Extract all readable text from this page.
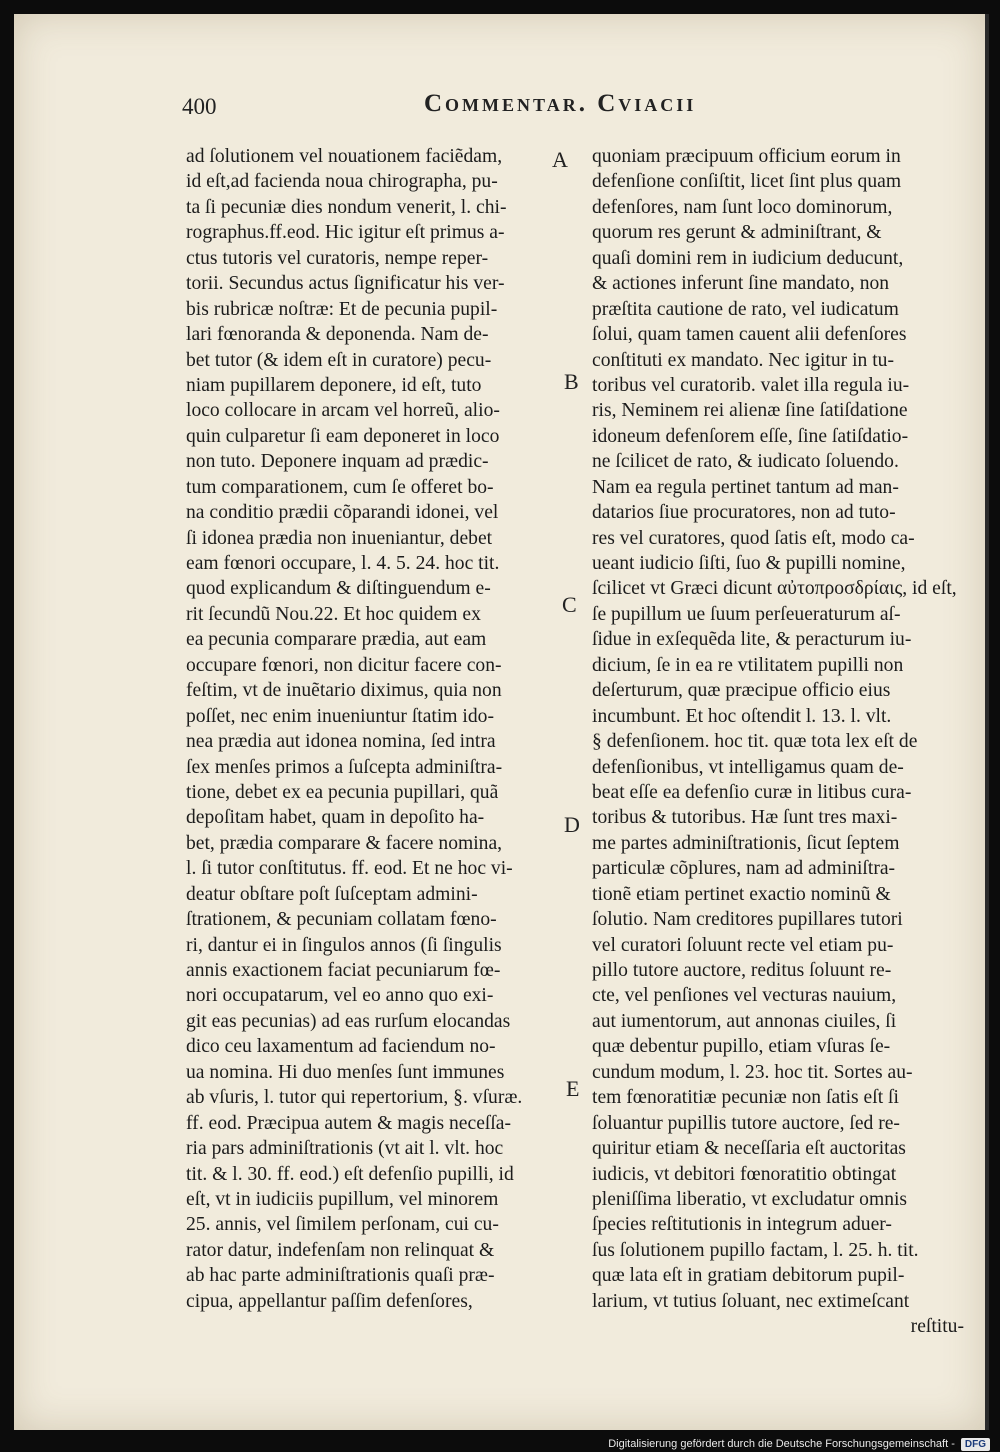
400	Commentar. Cviacii
ad ſolutionem vel nouationem faciẽdam,
id eſt,ad facienda noua chirographa, pu-
ta ſi pecuniæ dies nondum venerit, l. chi-
rographus.ff.eod. Hic igitur eſt primus a-
ctus tutoris vel curatoris, nempe reper-
torii. Secundus actus ſignificatur his ver-
bis rubricæ noſtræ: Et de pecunia pupil-
lari fœnoranda & deponenda. Nam de-
bet tutor (& idem eſt in curatore) pecu-
niam pupillarem deponere, id eſt, tuto
loco collocare in arcam vel horreũ, alio-
quin culparetur ſi eam deponeret in loco
non tuto. Deponere inquam ad prædic-
tum comparationem, cum ſe offeret bo-
na conditio prædii cõparandi idonei, vel
ſi idonea prædia non inueniantur, debet
eam fœnori occupare, l. 4. 5. 24. hoc tit.
quod explicandum & diſtinguendum e-
rit ſecundũ Nou.22. Et hoc quidem ex
ea pecunia comparare prædia, aut eam
occupare fœnori, non dicitur facere con-
feſtim, vt de inuẽtario diximus, quia non
poſſet, nec enim inueniuntur ſtatim ido-
nea prædia aut idonea nomina, ſed intra
ſex menſes primos a ſuſcepta adminiſtra-
tione, debet ex ea pecunia pupillari, quã
depoſitam habet, quam in depoſito ha-
bet, prædia comparare & facere nomina,
l. ſi tutor conſtitutus. ff. eod. Et ne hoc vi-
deatur obſtare poſt ſuſceptam admini-
ſtrationem, & pecuniam collatam fœno-
ri, dantur ei in ſingulos annos (ſi ſingulis
annis exactionem faciat pecuniarum fœ-
nori occupatarum, vel eo anno quo exi-
git eas pecunias) ad eas rurſum elocandas
dico ceu laxamentum ad faciendum no-
ua nomina. Hi duo menſes ſunt immunes
ab vſuris, l. tutor qui repertorium, §. vſuræ.
ff. eod. Præcipua autem & magis neceſſa-
ria pars adminiſtrationis (vt ait l. vlt. hoc
tit. & l. 30. ff. eod.) eſt defenſio pupilli, id
eſt, vt in iudiciis pupillum, vel minorem
25. annis, vel ſimilem perſonam, cui cu-
rator datur, indefenſam non relinquat &
ab hac parte adminiſtrationis quaſi præ-
cipua, appellantur paſſim defenſores,
quoniam præcipuum officium eorum in
defenſione conſiſtit, licet ſint plus quam
defenſores, nam ſunt loco dominorum,
quorum res gerunt & adminiſtrant, &
quaſi domini rem in iudicium deducunt,
& actiones inferunt ſine mandato, non
præſtita cautione de rato, vel iudicatum
ſolui, quam tamen cauent alii defenſores
conſtituti ex mandato. Nec igitur in tu-
toribus vel curatorib. valet illa regula iu-
ris, Neminem rei alienæ ſine ſatiſdatione
idoneum defenſorem eſſe, ſine ſatiſdatio-
ne ſcilicet de rato, & iudicato ſoluendo.
Nam ea regula pertinet tantum ad man-
datarios ſiue procuratores, non ad tuto-
res vel curatores, quod ſatis eſt, modo ca-
ueant iudicio ſiſti, ſuo & pupilli nomine,
ſcilicet vt Græci dicunt αὐτοπροσδρίαις, id eſt,
ſe pupillum ue ſuum perſeueraturum aſ-
ſidue in exſequẽda lite, & peracturum iu-
dicium, ſe in ea re vtilitatem pupilli non
deſerturum, quæ præcipue officio eius
incumbunt. Et hoc oſtendit l. 13. l. vlt.
§ defenſionem. hoc tit. quæ tota lex eſt de
defenſionibus, vt intelligamus quam de-
beat eſſe ea defenſio curæ in litibus cura-
toribus & tutoribus. Hæ ſunt tres maxi-
me partes adminiſtrationis, ſicut ſeptem
particulæ cõplures, nam ad adminiſtra-
tionẽ etiam pertinet exactio nominũ &
ſolutio. Nam creditores pupillares tutori
vel curatori ſoluunt recte vel etiam pu-
pillo tutore auctore, reditus ſoluunt re-
cte, vel penſiones vel vecturas nauium,
aut iumentorum, aut annonas ciuiles, ſi
quæ debentur pupillo, etiam vſuras ſe-
cundum modum, l. 23. hoc tit. Sortes au-
tem fœnoratitiæ pecuniæ non ſatis eſt ſi
ſoluantur pupillis tutore auctore, ſed re-
quiritur etiam & neceſſaria eſt auctoritas
iudicis, vt debitori fœnoratitio obtingat
pleniſſima liberatio, vt excludatur omnis
ſpecies reſtitutionis in integrum aduer-
ſus ſolutionem pupillo factam, l. 25. h. tit.
quæ lata eſt in gratiam debitorum pupil-
larium, vt tutius ſoluant, nec extimeſcant
reſtitu-
A
B
C
D
E
Digitalisierung gefördert durch die Deutsche Forschungsgemeinschaft -	DFG
